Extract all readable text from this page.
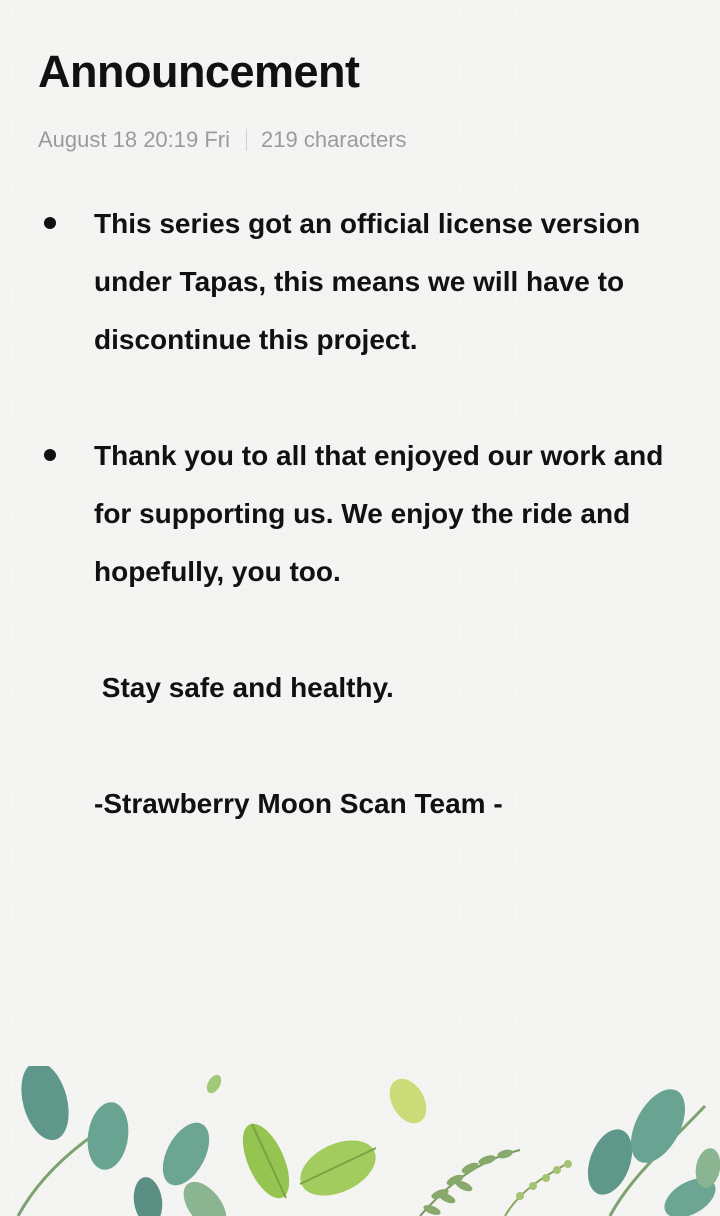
Announcement
August 18 20:19 Fri 219 characters
This series got an official license version under Tapas, this means we will have to discontinue this project.
Thank you to all that enjoyed our work and for supporting us. We enjoy the ride and hopefully, you too.
Stay safe and healthy.
-Strawberry Moon Scan Team -
